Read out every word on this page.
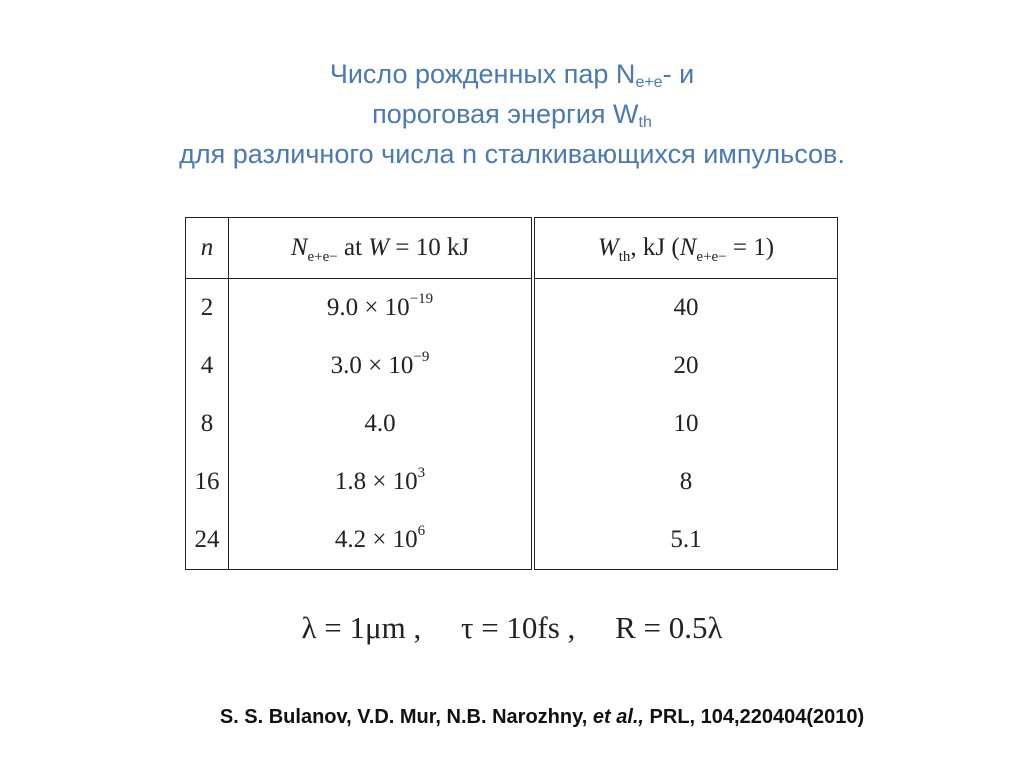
Число рожденных пар $N_{e+e}-$ и
пороговая энергия $W_{th}$
для различного числа n сталкивающихся импульсов.
n	$N_{e+e-}$ at W = 10 kJ	$W_{th}$, kJ $(N_{e+e-} = 1)$
2	$9.0 \times 10^{-19}$	40
4	$3.0 \times 10^{-9}$	20
8	4.0	10
16	$1.8 \times 10^3$	8
24	$4.2 \times 10^6$	5.1
λ = 1μm , τ = 10fs , R = 0.5λ
S. S. Bulanov, V.D. Mur, N.B. Narozhny, et al., PRL, 104,220404(2010)
